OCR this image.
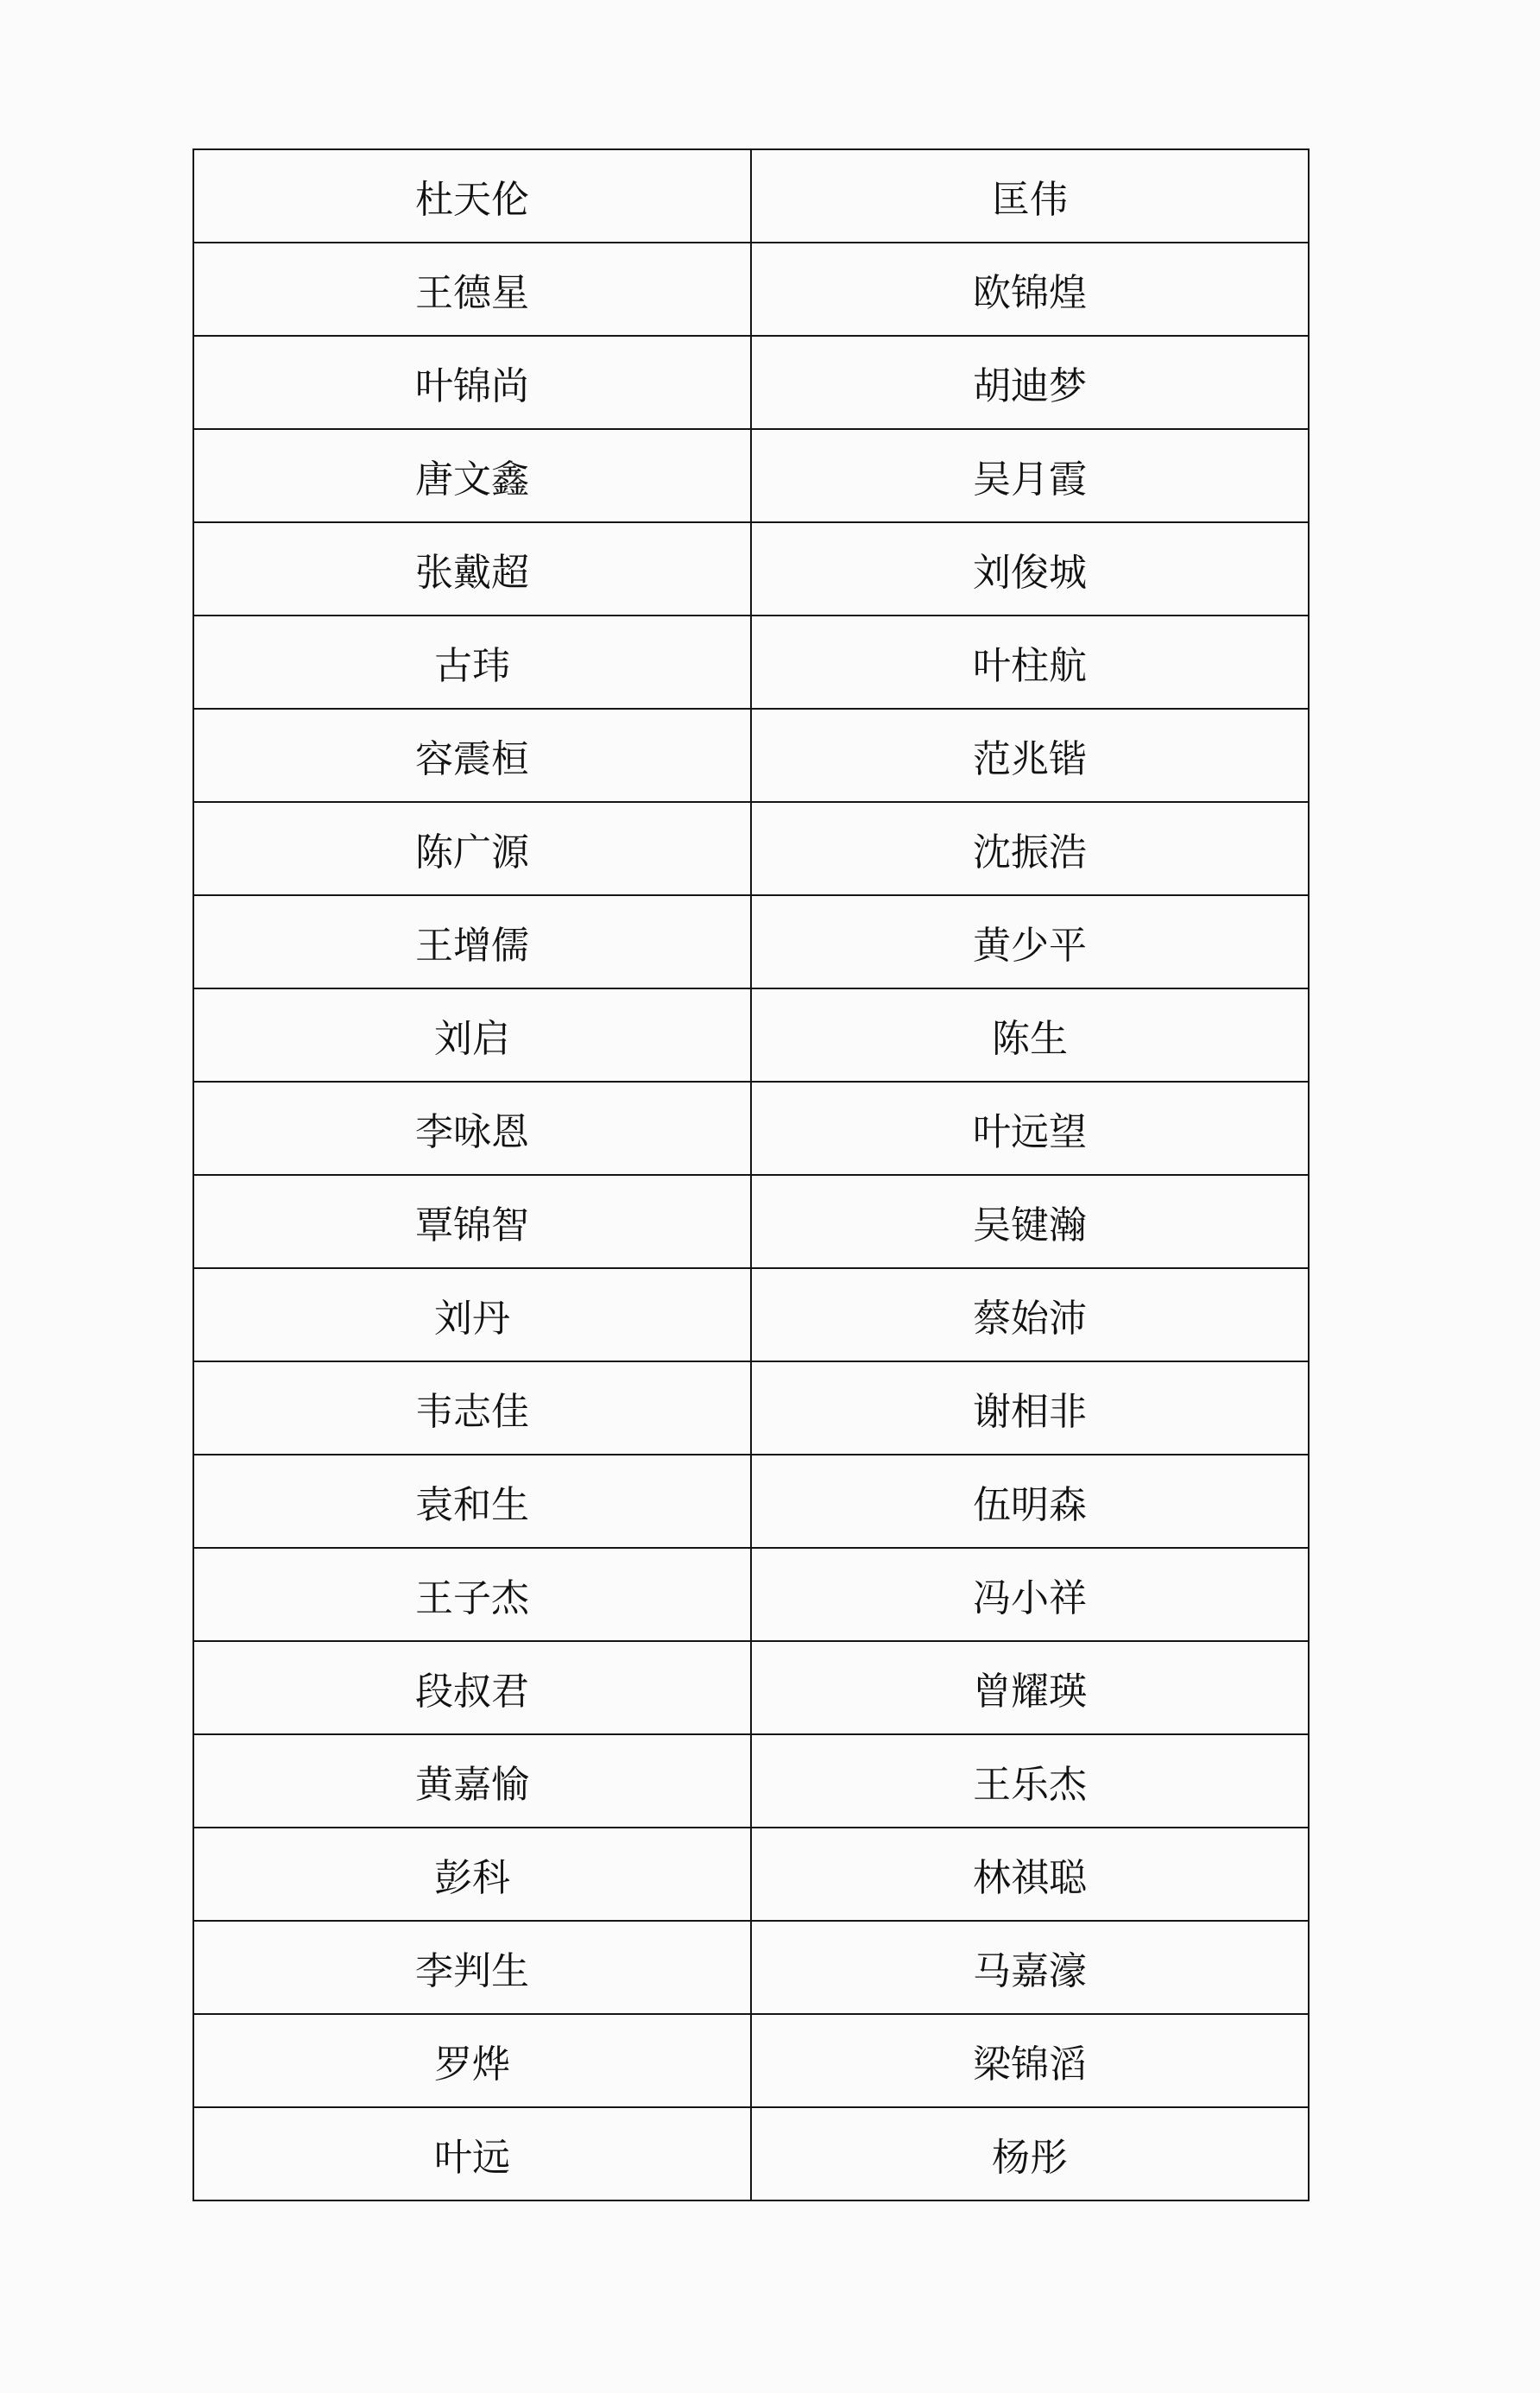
杜天伦	匡伟
王德星	欧锦煌
叶锦尚	胡迪梦
唐文鑫	吴月霞
张戴超	刘俊城
古玮	叶柱航
容震桓	范兆锴
陈广源	沈振浩
王增儒	黄少平
刘启	陈生
李咏恩	叶远望
覃锦智	吴键瀚
刘丹	蔡始沛
韦志佳	谢相非
袁和生	伍明森
王子杰	冯小祥
段叔君	曾耀瑛
黄嘉愉	王乐杰
彭科	林祺聪
李判生	马嘉濠
罗烨	梁锦滔
叶远	杨彤
